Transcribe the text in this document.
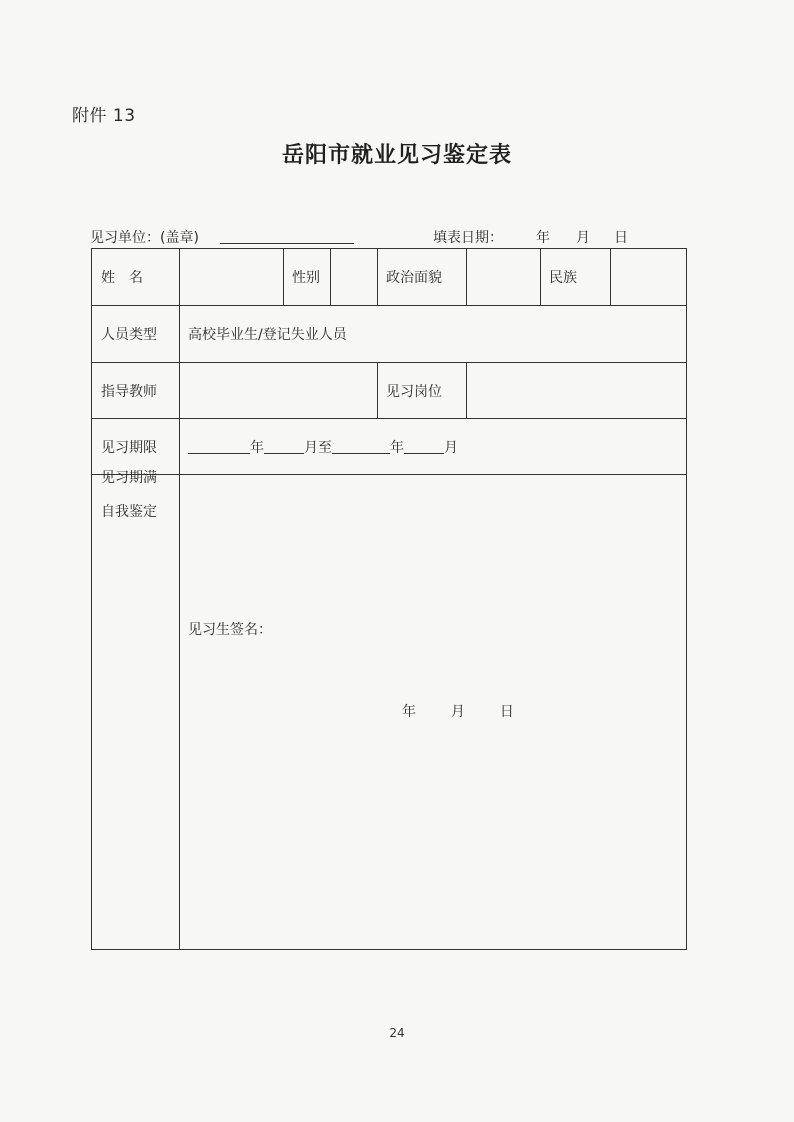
附件 13
岳阳市就业见习鉴定表
见习单位：(盖章)	填表日期： 年 月 日
姓　名	性别	政治面貌	民族
人员类型	高校毕业生/登记失业人员
指导教师	见习岗位
见习期限	年	月至	年	月
见习期满
自我鉴定
见习生签名：
年 月 日
24
